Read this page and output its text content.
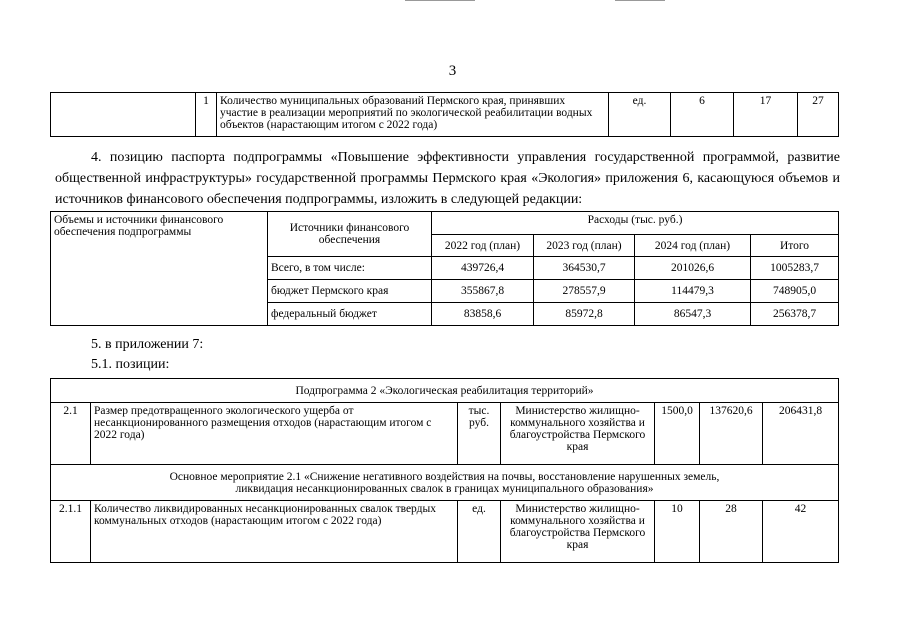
3
	1	Количество муниципальных образований Пермского края, принявших участие в реализации мероприятий по экологической реабилитации водных объектов (нарастающим итогом с 2022 года)	ед.	6	17	27
4. позицию паспорта подпрограммы «Повышение эффективности управления государственной программой, развитие общественной инфраструктуры» государственной программы Пермского края «Экология» приложения 6, касающуюся объемов и источников финансового обеспечения подпрограммы, изложить в следующей редакции:
Объемы и источники финансового обеспечения подпрограммы	Источники финансового обеспечения	Расходы (тыс. руб.)			
		2022 год (план)	2023 год (план)	2024 год (план)	Итого
	Всего, в том числе:	439726,4	364530,7	201026,6	1005283,7
	бюджет Пермского края	355867,8	278557,9	114479,3	748905,0
	федеральный бюджет	83858,6	85972,8	86547,3	256378,7
5. в приложении 7:
5.1. позиции:
Подпрограмма 2 «Экологическая реабилитация территорий»						
2.1	Размер предотвращенного экологического ущерба от несанкционированного размещения отходов (нарастающим итогом с 2022 года)	тыс. руб.	Министерство жилищно-коммунального хозяйства и благоустройства Пермского края	1500,0	137620,6	206431,8
Основное мероприятие 2.1 «Снижение негативного воздействия на почвы, восстановление нарушенных земель, ликвидация несанкционированных свалок в границах муниципального образования»						
2.1.1	Количество ликвидированных несанкционированных свалок твердых коммунальных отходов (нарастающим итогом с 2022 года)	ед.	Министерство жилищно-коммунального хозяйства и благоустройства Пермского края	10	28	42
